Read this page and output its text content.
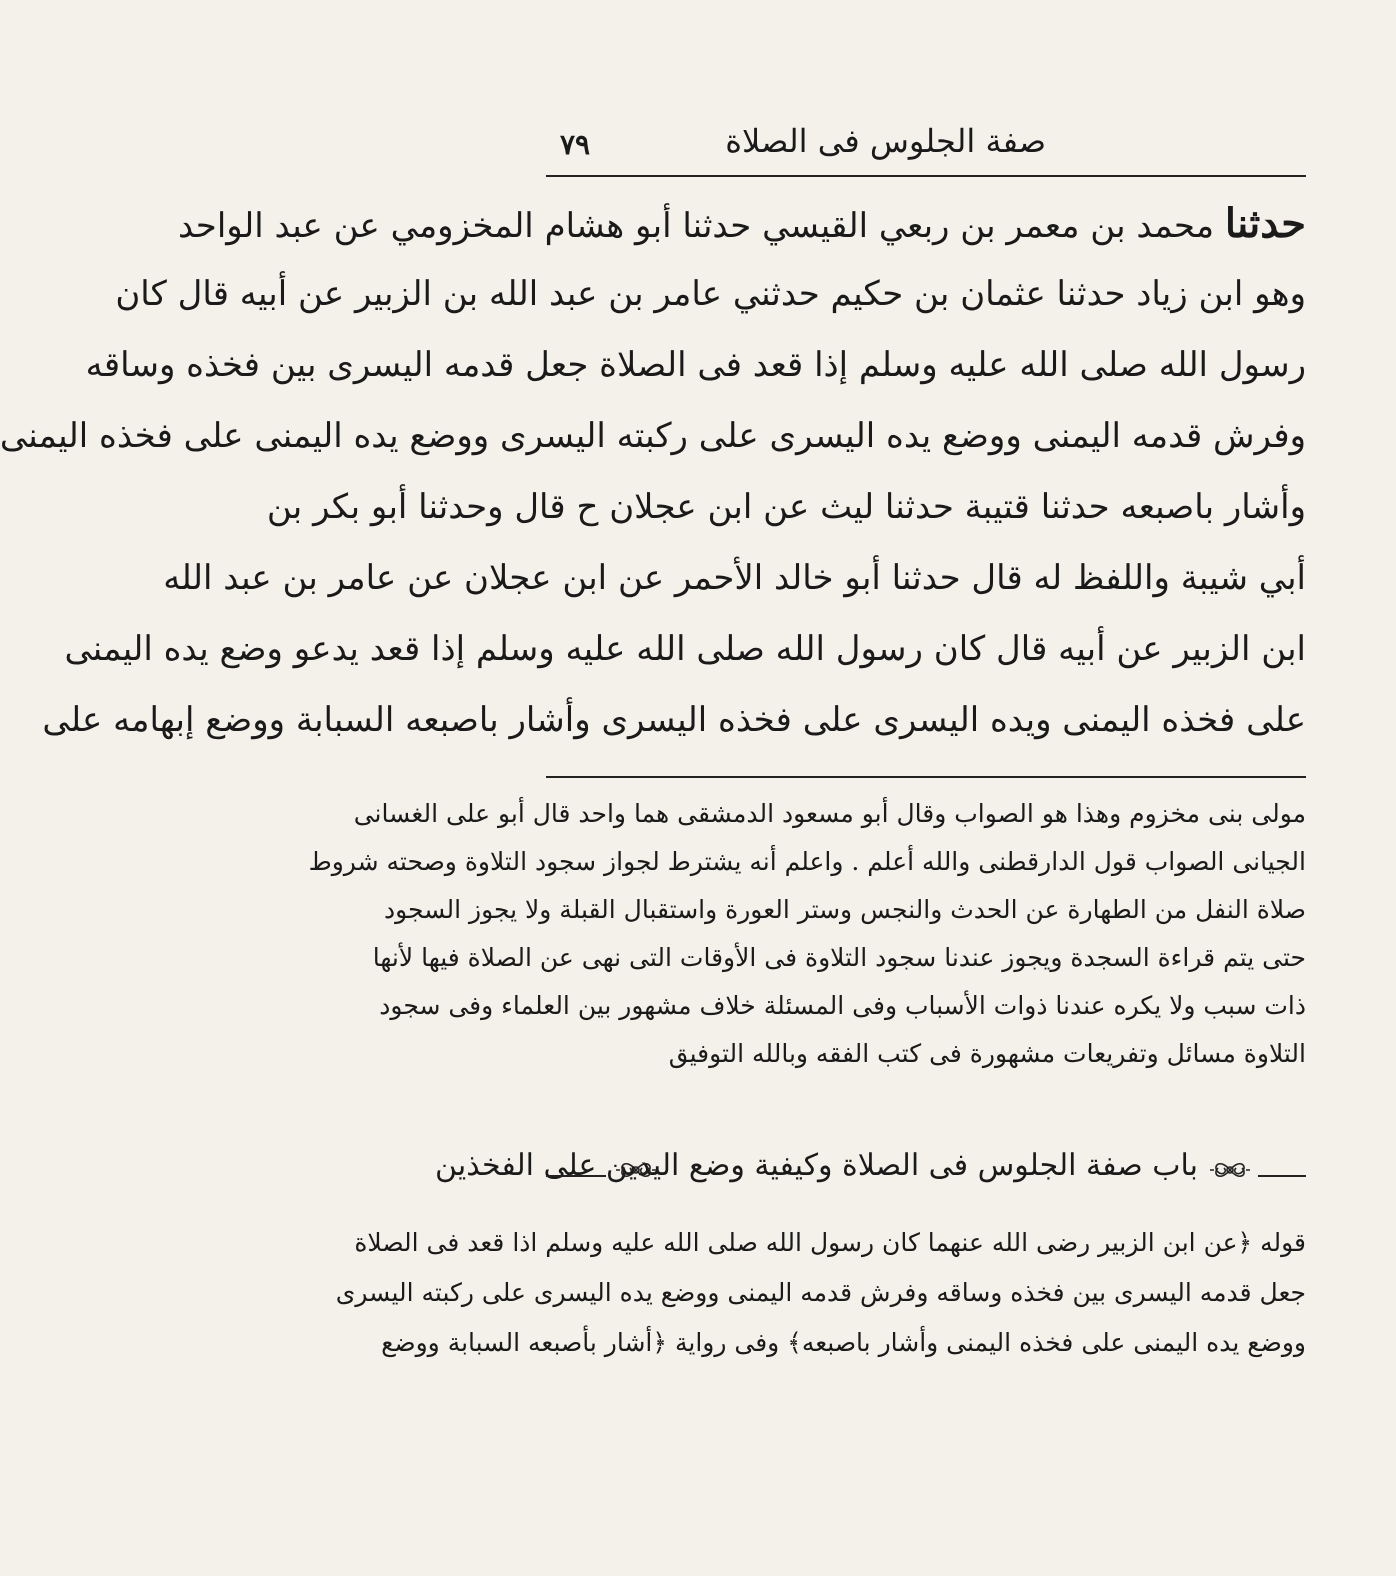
٧٩	صفة الجلوس فى الصلاة
حدثنا محمد بن معمر بن ربعي القيسي حدثنا أبو هشام المخزومي عن عبد الواحد
وهو ابن زياد حدثنا عثمان بن حكيم حدثني عامر بن عبد الله بن الزبير عن أبيه قال كان
رسول الله صلى الله عليه وسلم إذا قعد فى الصلاة جعل قدمه اليسرى بين فخذه وساقه
وفرش قدمه اليمنى ووضع يده اليسرى على ركبته اليسرى ووضع يده اليمنى على فخذه اليمنى
وأشار باصبعه حدثنا قتيبة حدثنا ليث عن ابن عجلان ح قال وحدثنا أبو بكر بن
أبي شيبة واللفظ له قال حدثنا أبو خالد الأحمر عن ابن عجلان عن عامر بن عبد الله
ابن الزبير عن أبيه قال كان رسول الله صلى الله عليه وسلم إذا قعد يدعو وضع يده اليمنى
على فخذه اليمنى ويده اليسرى على فخذه اليسرى وأشار باصبعه السبابة ووضع إبهامه على
مولى بنى مخزوم وهذا هو الصواب وقال أبو مسعود الدمشقى هما واحد قال أبو على الغسانى
الجيانى الصواب قول الدارقطنى والله أعلم . واعلم أنه يشترط لجواز سجود التلاوة وصحته شروط
صلاة النفل من الطهارة عن الحدث والنجس وستر العورة واستقبال القبلة ولا يجوز السجود
حتى يتم قراءة السجدة ويجوز عندنا سجود التلاوة فى الأوقات التى نهى عن الصلاة فيها لأنها
ذات سبب ولا يكره عندنا ذوات الأسباب وفى المسئلة خلاف مشهور بين العلماء وفى سجود
التلاوة مسائل وتفريعات مشهورة فى كتب الفقه وبالله التوفيق
باب صفة الجلوس فى الصلاة وكيفية وضع اليدين على الفخذين
قوله ﴿عن ابن الزبير رضى الله عنهما كان رسول الله صلى الله عليه وسلم اذا قعد فى الصلاة
جعل قدمه اليسرى بين فخذه وساقه وفرش قدمه اليمنى ووضع يده اليسرى على ركبته اليسرى
ووضع يده اليمنى على فخذه اليمنى وأشار باصبعه﴾ وفى رواية ﴿أشار بأصبعه السبابة ووضع
